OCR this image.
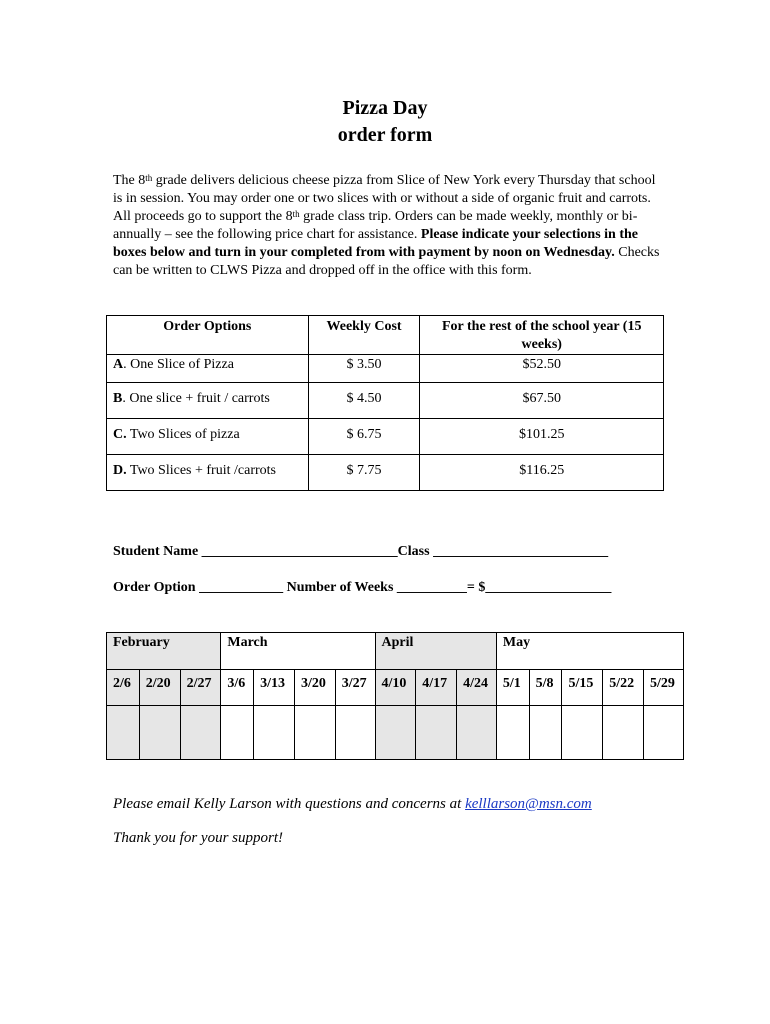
Pizza Day
order form
The 8th grade delivers delicious cheese pizza from Slice of New York every Thursday that school is in session. You may order one or two slices with or without a side of organic fruit and carrots. All proceeds go to support the 8th grade class trip. Orders can be made weekly, monthly or bi-annually – see the following price chart for assistance. Please indicate your selections in the boxes below and turn in your completed from with payment by noon on Wednesday. Checks can be written to CLWS Pizza and dropped off in the office with this form.
Order Options	Weekly Cost	For the rest of the school year (15 weeks)
A. One Slice of Pizza	$ 3.50	$52.50
B. One slice + fruit / carrots	$ 4.50	$67.50
C. Two Slices of pizza	$ 6.75	$101.25
D. Two Slices + fruit /carrots	$ 7.75	$116.25
Student Name ____________________________Class _________________________
Order Option ____________ Number of Weeks __________= $__________________
February			March				April			May				
2/6	2/20	2/27	3/6	3/13	3/20	3/27	4/10	4/17	4/24	5/1	5/8	5/15	5/22	5/29

Please email Kelly Larson with questions and concerns at kelllarson@msn.com
Thank you for your support!
